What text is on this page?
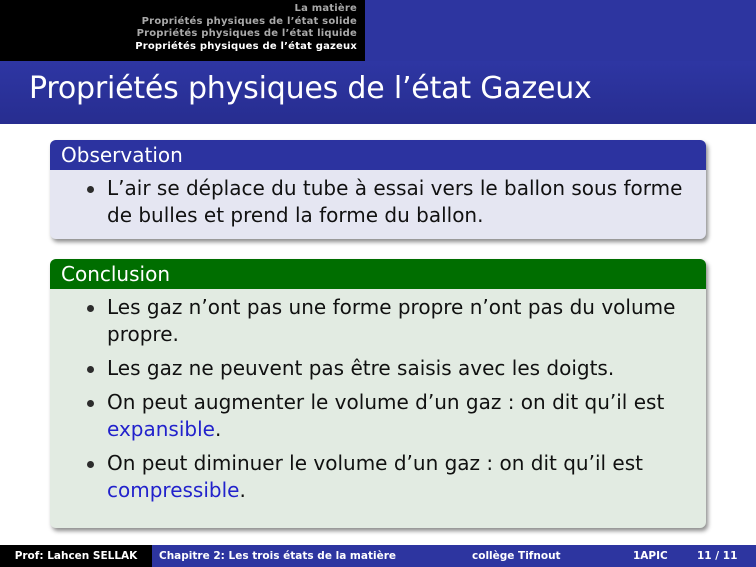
La matière
Propriétés physiques de l’état solide
Propriétés physiques de l’état liquide
Propriétés physiques de l’état gazeux
Propriétés physiques de l’état Gazeux
Observation
L’air se déplace du tube à essai vers le ballon sous forme de bulles et prend la forme du ballon.
Conclusion
Les gaz n’ont pas une forme propre n’ont pas du volume propre.
Les gaz ne peuvent pas être saisis avec les doigts.
On peut augmenter le volume d’un gaz : on dit qu’il est expansible.
On peut diminuer le volume d’un gaz : on dit qu’il est compressible.
Prof: Lahcen SELLAK	Chapitre 2: Les trois états de la matière	collège Tifnout	1APIC	11 / 11
